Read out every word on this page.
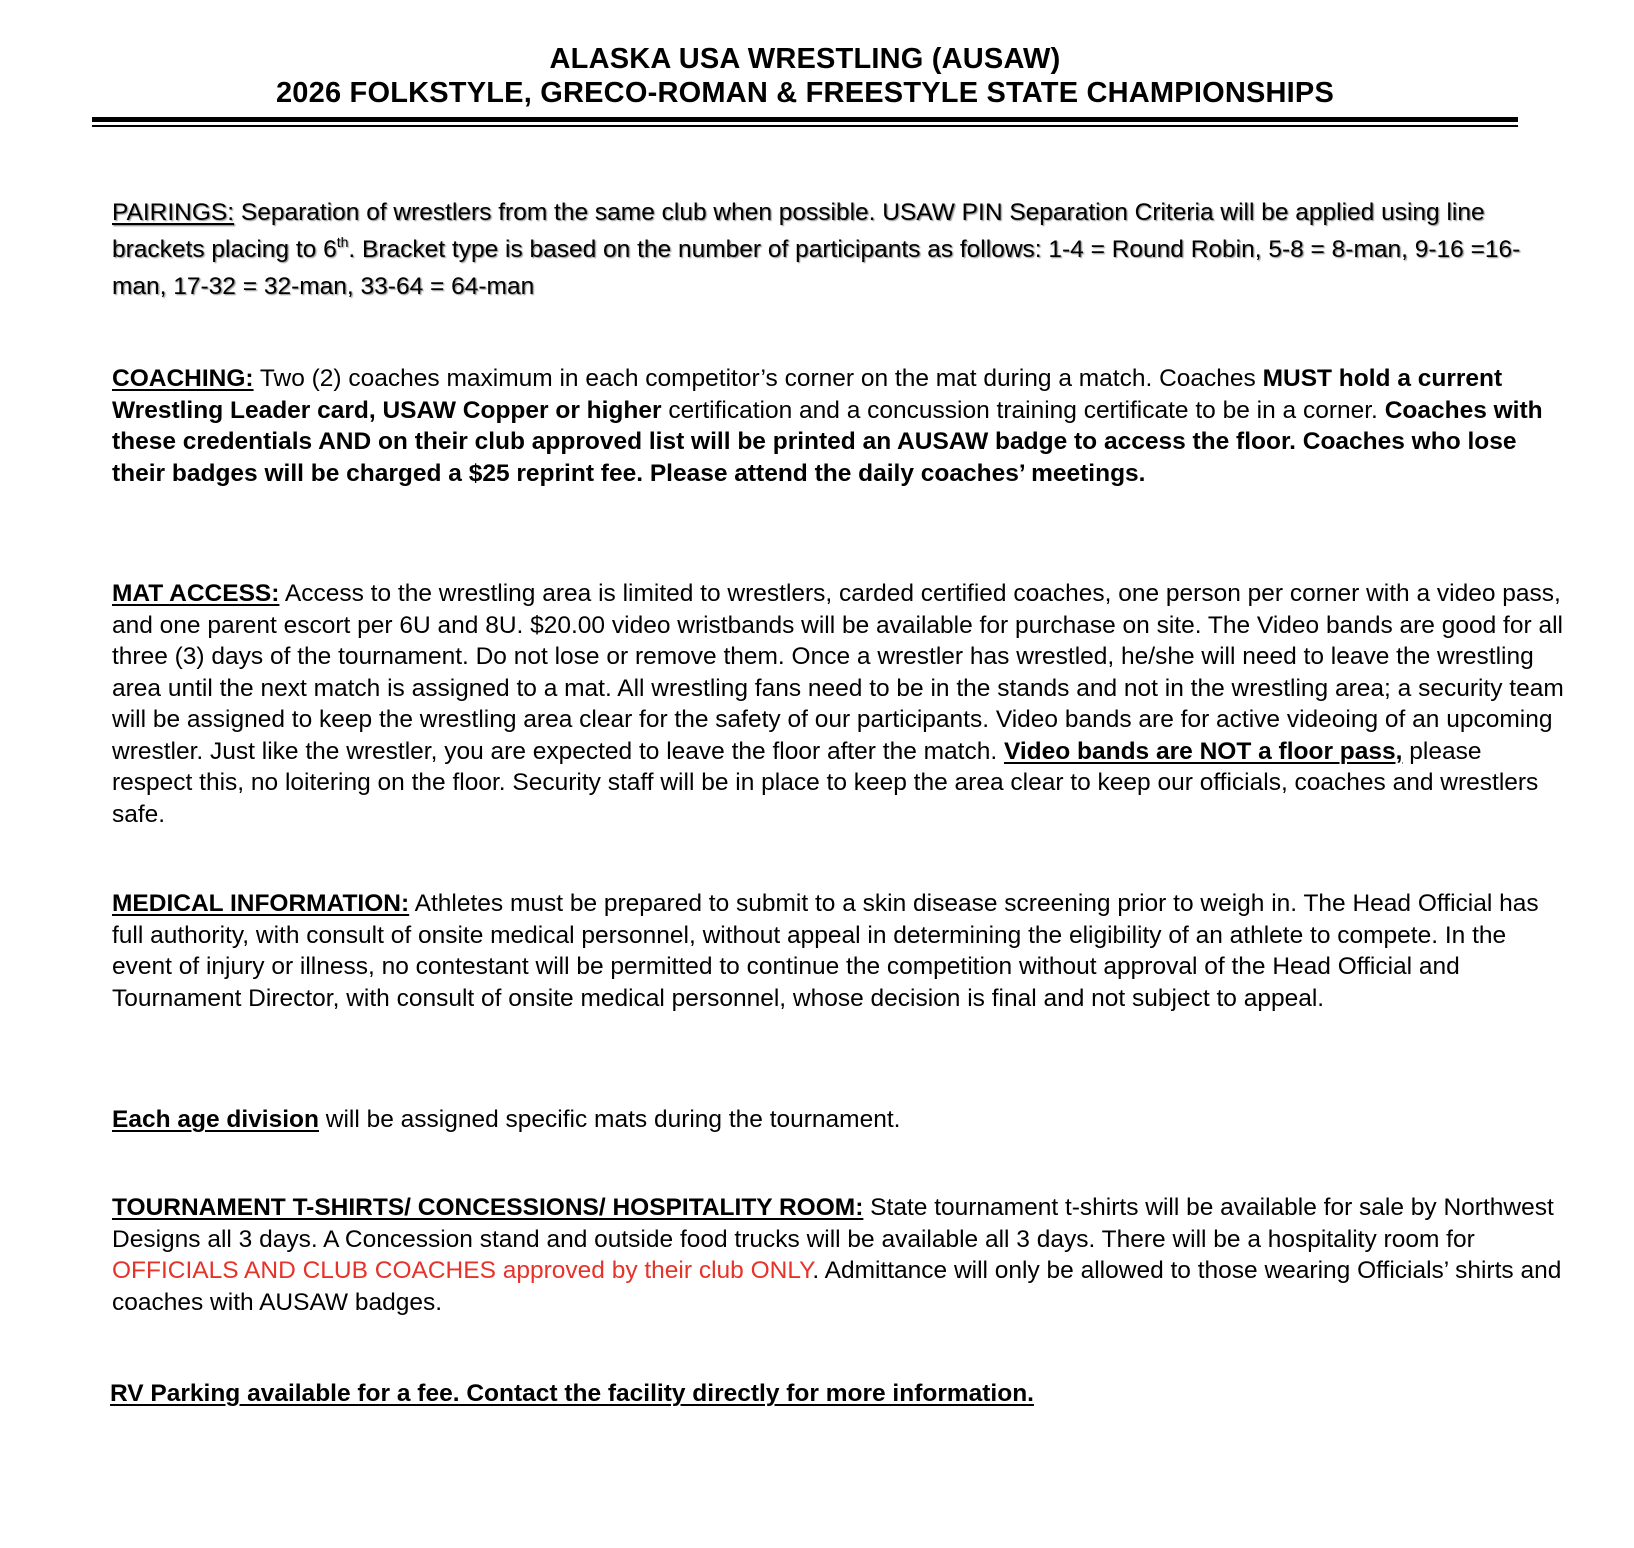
ALASKA USA WRESTLING (AUSAW)
2026 FOLKSTYLE, GRECO-ROMAN & FREESTYLE STATE CHAMPIONSHIPS
PAIRINGS: Separation of wrestlers from the same club when possible. USAW PIN Separation Criteria will be applied using line brackets placing to 6th. Bracket type is based on the number of participants as follows: 1-4 = Round Robin, 5-8 = 8-man, 9-16 =16-man, 17-32 = 32-man, 33-64 = 64-man
COACHING: Two (2) coaches maximum in each competitor’s corner on the mat during a match. Coaches MUST hold a current Wrestling Leader card, USAW Copper or higher certification and a concussion training certificate to be in a corner. Coaches with these credentials AND on their club approved list will be printed an AUSAW badge to access the floor. Coaches who lose their badges will be charged a $25 reprint fee. Please attend the daily coaches’ meetings.
MAT ACCESS: Access to the wrestling area is limited to wrestlers, carded certified coaches, one person per corner with a video pass, and one parent escort per 6U and 8U. $20.00 video wristbands will be available for purchase on site. The Video bands are good for all three (3) days of the tournament. Do not lose or remove them. Once a wrestler has wrestled, he/she will need to leave the wrestling area until the next match is assigned to a mat. All wrestling fans need to be in the stands and not in the wrestling area; a security team will be assigned to keep the wrestling area clear for the safety of our participants. Video bands are for active videoing of an upcoming wrestler. Just like the wrestler, you are expected to leave the floor after the match. Video bands are NOT a floor pass, please respect this, no loitering on the floor. Security staff will be in place to keep the area clear to keep our officials, coaches and wrestlers safe.
MEDICAL INFORMATION: Athletes must be prepared to submit to a skin disease screening prior to weigh in. The Head Official has full authority, with consult of onsite medical personnel, without appeal in determining the eligibility of an athlete to compete. In the event of injury or illness, no contestant will be permitted to continue the competition without approval of the Head Official and Tournament Director, with consult of onsite medical personnel, whose decision is final and not subject to appeal.
Each age division will be assigned specific mats during the tournament.
TOURNAMENT T-SHIRTS/ CONCESSIONS/ HOSPITALITY ROOM: State tournament t-shirts will be available for sale by Northwest Designs all 3 days. A Concession stand and outside food trucks will be available all 3 days. There will be a hospitality room for OFFICIALS AND CLUB COACHES approved by their club ONLY. Admittance will only be allowed to those wearing Officials’ shirts and coaches with AUSAW badges.
RV Parking available for a fee. Contact the facility directly for more information.
